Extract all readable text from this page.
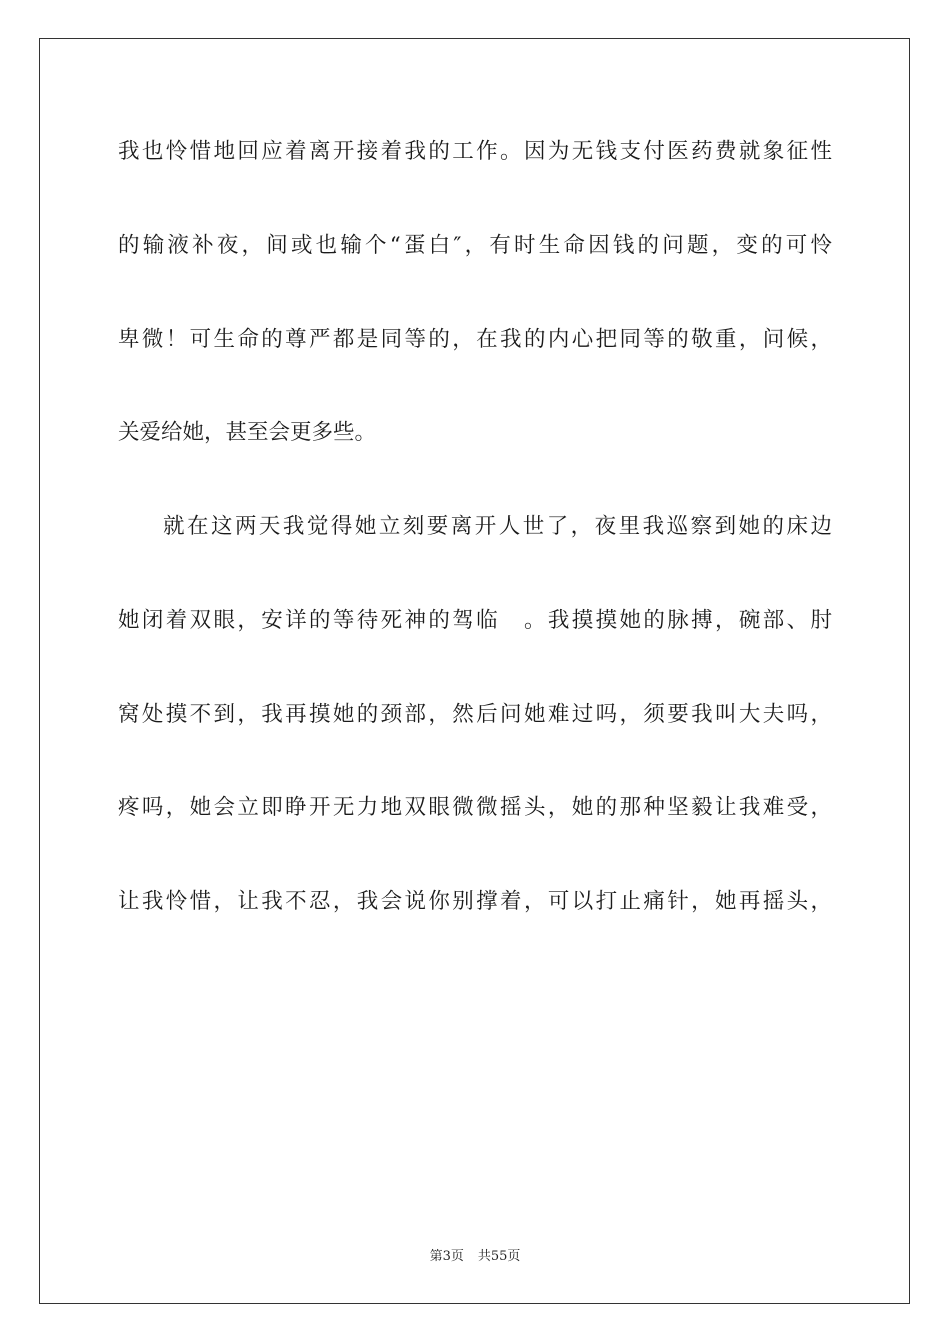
我也怜惜地回应着离开接着我的工作。因为无钱支付医药费就象征性
的输液补夜，间或也输个“蛋白″，有时生命因钱的问题，变的可怜
卑微！可生命的尊严都是同等的，在我的内心把同等的敬重，问候，
关爱给她，甚至会更多些。
就在这两天我觉得她立刻要离开人世了，夜里我巡察到她的床边
她闭着双眼，安详的等待死神的驾临　。我摸摸她的脉搏，碗部、肘
窝处摸不到，我再摸她的颈部，然后问她难过吗，须要我叫大夫吗，
疼吗，她会立即睁开无力地双眼微微摇头，她的那种坚毅让我难受，
让我怜惜，让我不忍，我会说你别撑着，可以打止痛针，她再摇头，
第3页 共55页
